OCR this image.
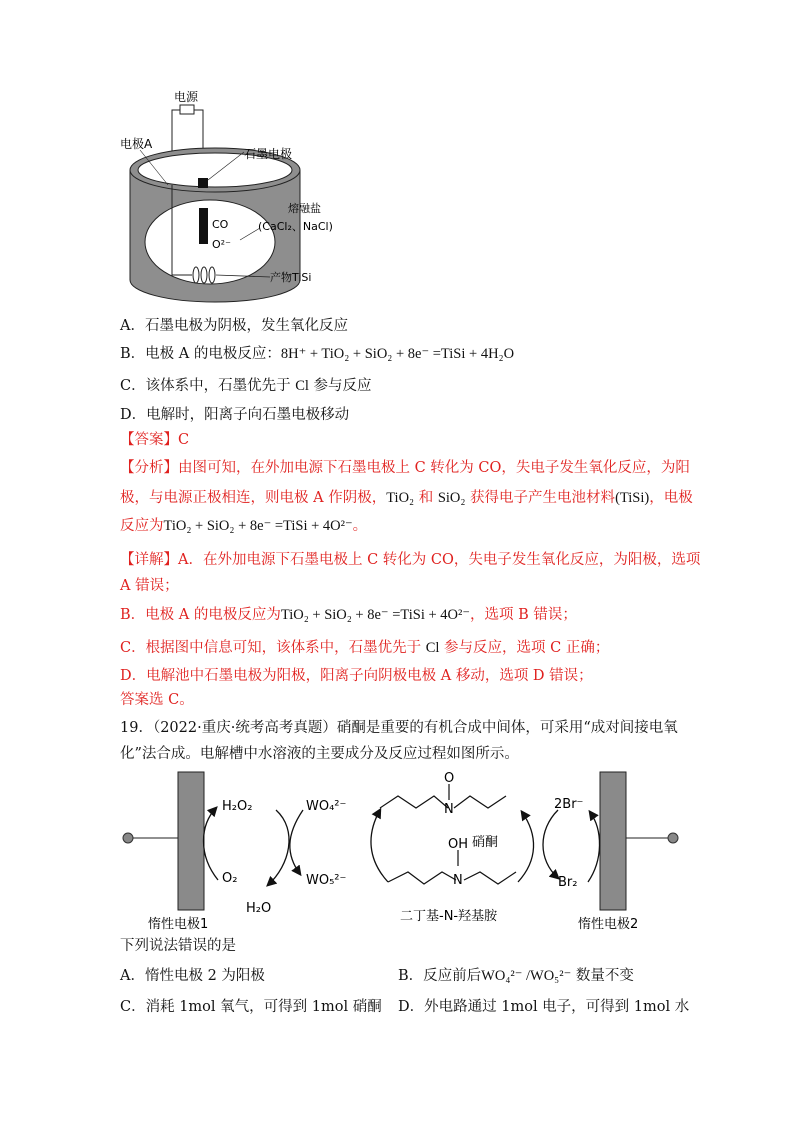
电源
电极A
石墨电极
熔融盐
(CaCl₂、NaCl)
CO
O²⁻
产物TiSi
A．石墨电极为阴极，发生氧化反应
B．电极 A 的电极反应：8H⁺ + TiO₂ + SiO₂ + 8e⁻ =TiSi + 4H₂O
C．该体系中，石墨优先于 Cl 参与反应
D．电解时，阳离子向石墨电极移动
【答案】C
【分析】由图可知，在外加电源下石墨电极上 C 转化为 CO，失电子发生氧化反应，为阳
极，与电源正极相连，则电极 A 作阴极，TiO₂ 和 SiO₂ 获得电子产生电池材料(TiSi)，电极
反应为TiO₂ + SiO₂ + 8e⁻ =TiSi + 4O²⁻。
【详解】A．在外加电源下石墨电极上 C 转化为 CO，失电子发生氧化反应，为阳极，选项
A 错误；
B．电极 A 的电极反应为TiO₂ + SiO₂ + 8e⁻ =TiSi + 4O²⁻，选项 B 错误；
C．根据图中信息可知，该体系中，石墨优先于 Cl 参与反应，选项 C 正确；
D．电解池中石墨电极为阳极，阳离子向阴极电极 A 移动，选项 D 错误；
答案选 C。
19．（2022·重庆·统考高考真题）硝酮是重要的有机合成中间体，可采用“成对间接电氧
化”法合成。电解槽中水溶液的主要成分及反应过程如图所示。
N
O
硝酮
OH
N
二丁基-N-羟基胺
H₂O₂
O₂
H₂O
WO₄²⁻
WO₅²⁻
2Br⁻
Br₂
惰性电极1	惰性电极2
下列说法错误的是
A．惰性电极 2 为阳极	B．反应前后WO₄²⁻ /WO₅²⁻ 数量不变
C．消耗 1mol 氧气，可得到 1mol 硝酮 D．外电路通过 1mol 电子，可得到 1mol 水
